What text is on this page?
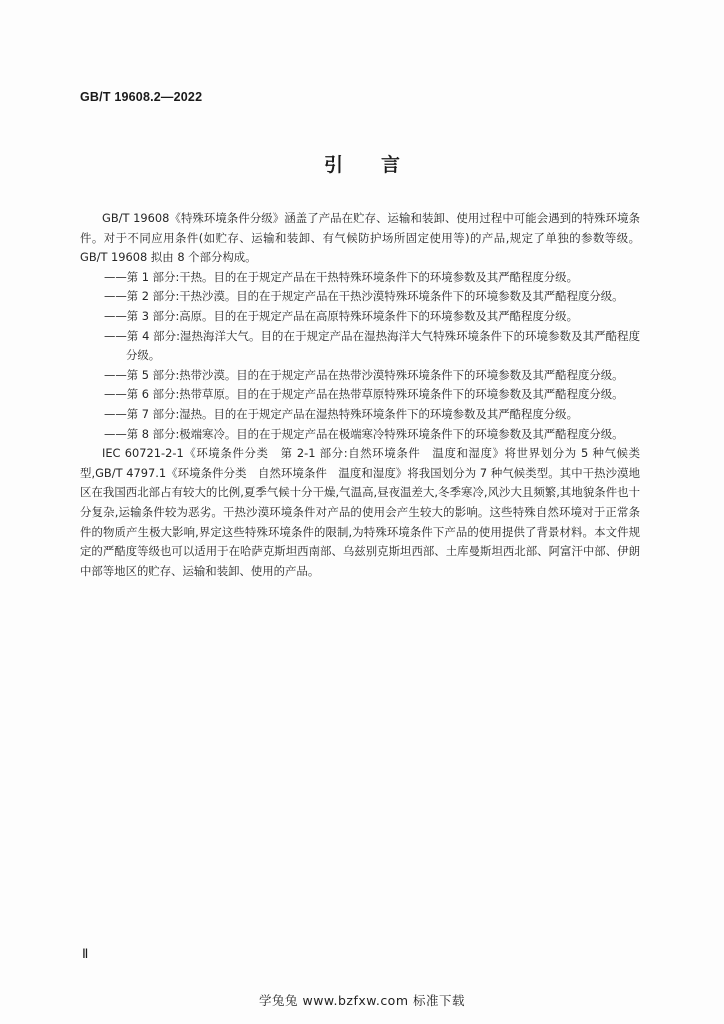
GB/T 19608.2—2022
引言

GB/T 19608《特殊环境条件分级》涵盖了产品在贮存、运输和装卸、使用过程中可能会遇到的特殊环境条件。对于不同应用条件(如贮存、运输和装卸、有气候防护场所固定使用等)的产品,规定了单独的参数等级。GB/T 19608 拟由 8 个部分构成。

——第 1 部分:干热。目的在于规定产品在干热特殊环境条件下的环境参数及其严酷程度分级。

——第 2 部分:干热沙漠。目的在于规定产品在干热沙漠特殊环境条件下的环境参数及其严酷程度分级。

——第 3 部分:高原。目的在于规定产品在高原特殊环境条件下的环境参数及其严酷程度分级。

——第 4 部分:湿热海洋大气。目的在于规定产品在湿热海洋大气特殊环境条件下的环境参数及其严酷程度分级。

——第 5 部分:热带沙漠。目的在于规定产品在热带沙漠特殊环境条件下的环境参数及其严酷程度分级。

——第 6 部分:热带草原。目的在于规定产品在热带草原特殊环境条件下的环境参数及其严酷程度分级。

——第 7 部分:湿热。目的在于规定产品在湿热特殊环境条件下的环境参数及其严酷程度分级。

——第 8 部分:极端寒冷。目的在于规定产品在极端寒冷特殊环境条件下的环境参数及其严酷程度分级。

IEC 60721-2-1《环境条件分类　第 2-1 部分:自然环境条件　温度和湿度》将世界划分为 5 种气候类型,GB/T 4797.1《环境条件分类　自然环境条件　温度和湿度》将我国划分为 7 种气候类型。其中干热沙漠地区在我国西北部占有较大的比例,夏季气候十分干燥,气温高,昼夜温差大,冬季寒冷,风沙大且频繁,其地貌条件也十分复杂,运输条件较为恶劣。干热沙漠环境条件对产品的使用会产生较大的影响。这些特殊自然环境对于正常条件的物质产生极大影响,界定这些特殊环境条件的限制,为特殊环境条件下产品的使用提供了背景材料。本文件规定的严酷度等级也可以适用于在哈萨克斯坦西南部、乌兹别克斯坦西部、土库曼斯坦西北部、阿富汗中部、伊朗中部等地区的贮存、运输和装卸、使用的产品。

Ⅱ
学兔兔 www.bzfxw.com 标准下载
